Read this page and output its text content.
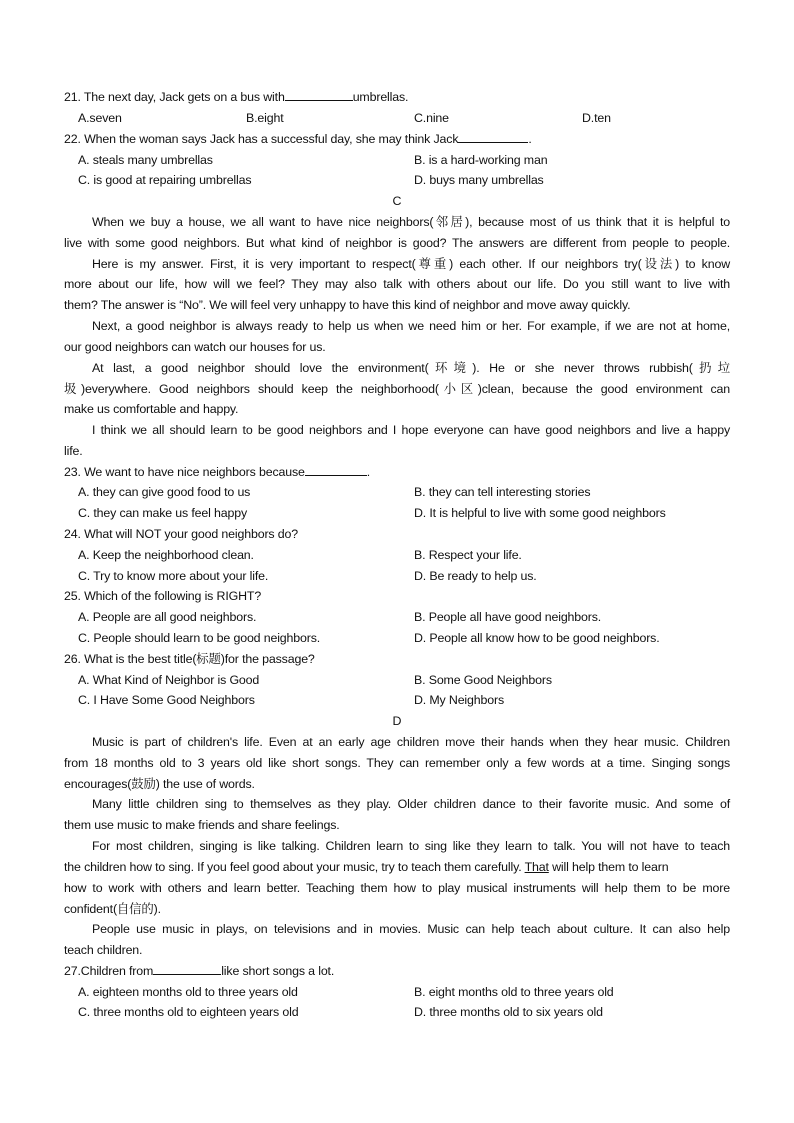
21. The next day, Jack gets on a bus with	umbrellas.
A.seven	B.eight	C.nine	D.ten
22. When the woman says Jack has a successful day, she may think Jack	.
A. steals many umbrellas	B. is a hard-working man
C. is good at repairing umbrellas	D. buys many umbrellas
C
When we buy a house, we all want to have nice neighbors(邻居), because most of us think that it is helpful to
live with some good neighbors. But what kind of neighbor is good? The answers are different from people to people.
Here is my answer. First, it is very important to respect(尊重) each other. If our neighbors try(设法) to know
more about our life, how will we feel? They may also talk with others about our life. Do you still want to live with
them? The answer is “No”. We will feel very unhappy to have this kind of neighbor and move away quickly.
Next, a good neighbor is always ready to help us when we need him or her. For example, if we are not at home,
our good neighbors can watch our houses for us.
At last, a good neighbor should love the environment(环境). He or she never throws rubbish(扔垃
圾)everywhere. Good neighbors should keep the neighborhood(小区)clean, because the good environment can
make us comfortable and happy.
I think we all should learn to be good neighbors and I hope everyone can have good neighbors and live a happy
life.
23. We want to have nice neighbors because	.
A. they can give good food to us	B. they can tell interesting stories
C. they can make us feel happy	D. It is helpful to live with some good neighbors
24. What will NOT your good neighbors do?
A. Keep the neighborhood clean.	B. Respect your life.
C. Try to know more about your life.	D. Be ready to help us.
25. Which of the following is RIGHT?
A. People are all good neighbors.	B. People all have good neighbors.
C. People should learn to be good neighbors.	D. People all know how to be good neighbors.
26. What is the best title(标题)for the passage?
A. What Kind of Neighbor is Good	B. Some Good Neighbors
C. I Have Some Good Neighbors	D. My Neighbors
D
Music is part of children's life. Even at an early age children move their hands when they hear music. Children
from 18 months old to 3 years old like short songs. They can remember only a few words at a time. Singing songs
encourages(鼓励) the use of words.
Many little children sing to themselves as they play. Older children dance to their favorite music. And some of
them use music to make friends and share feelings.
For most children, singing is like talking. Children learn to sing like they learn to talk. You will not have to teach
the children how to sing. If you feel good about your music, try to teach them carefully. That will help them to learn
how to work with others and learn better. Teaching them how to play musical instruments will help them to be more
confident(自信的).
People use music in plays, on televisions and in movies. Music can help teach about culture. It can also help
teach children.
27.Children from	like short songs a lot.
A. eighteen months old to three years old	B. eight months old to three years old
C. three months old to eighteen years old	D. three months old to six years old
